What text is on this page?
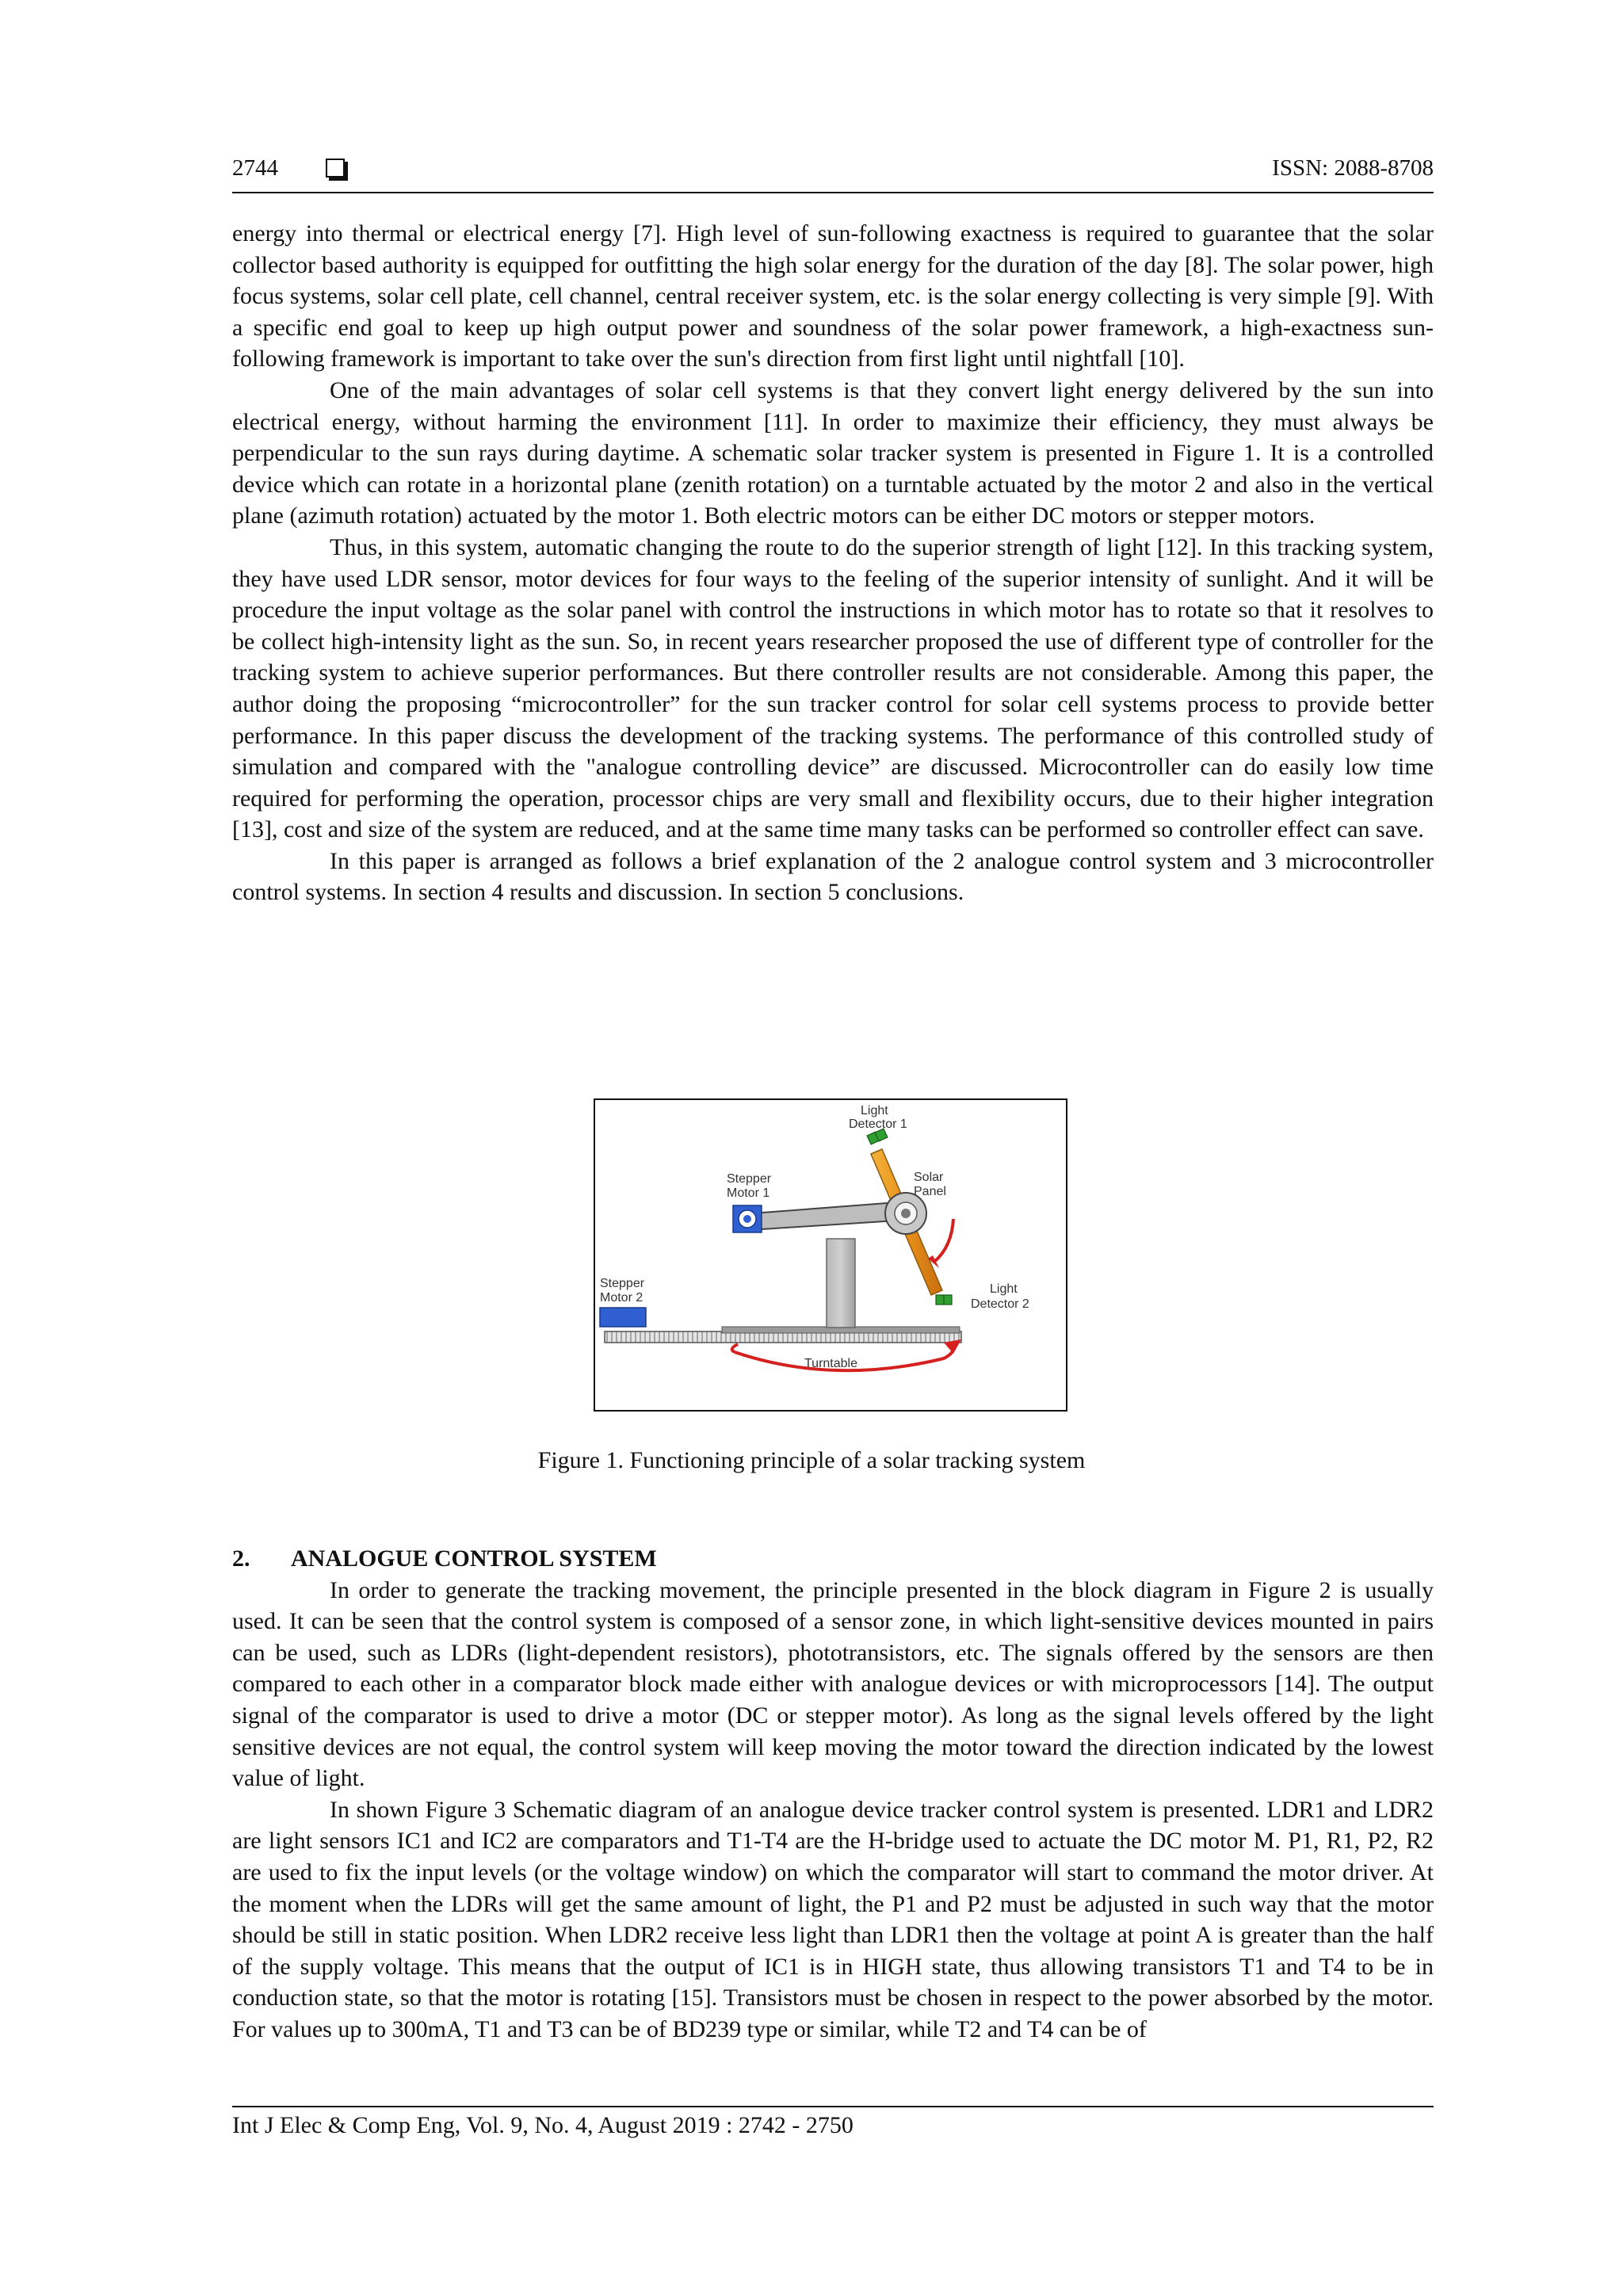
2744	ISSN: 2088-8708

energy into thermal or electrical energy [7]. High level of sun-following exactness is required to guarantee that the solar collector based authority is equipped for outfitting the high solar energy for the duration of the day [8]. The solar power, high focus systems, solar cell plate, cell channel, central receiver system, etc. is the solar energy collecting is very simple [9]. With a specific end goal to keep up high output power and soundness of the solar power framework, a high-exactness sun-following framework is important to take over the sun's direction from first light until nightfall [10].

One of the main advantages of solar cell systems is that they convert light energy delivered by the sun into electrical energy, without harming the environment [11]. In order to maximize their efficiency, they must always be perpendicular to the sun rays during daytime. A schematic solar tracker system is presented in Figure 1. It is a controlled device which can rotate in a horizontal plane (zenith rotation) on a turntable actuated by the motor 2 and also in the vertical plane (azimuth rotation) actuated by the motor 1. Both electric motors can be either DC motors or stepper motors.

Thus, in this system, automatic changing the route to do the superior strength of light [12]. In this tracking system, they have used LDR sensor, motor devices for four ways to the feeling of the superior intensity of sunlight. And it will be procedure the input voltage as the solar panel with control the instructions in which motor has to rotate so that it resolves to be collect high-intensity light as the sun. So, in recent years researcher proposed the use of different type of controller for the tracking system to achieve superior performances. But there controller results are not considerable. Among this paper, the author doing the proposing “microcontroller” for the sun tracker control for solar cell systems process to provide better performance. In this paper discuss the development of the tracking systems. The performance of this controlled study of simulation and compared with the "analogue controlling device” are discussed. Microcontroller can do easily low time required for performing the operation, processor chips are very small and flexibility occurs, due to their higher integration [13], cost and size of the system are reduced, and at the same time many tasks can be performed so controller effect can save.

In this paper is arranged as follows a brief explanation of the 2 analogue control system and 3 microcontroller control systems. In section 4 results and discussion. In section 5 conclusions.

Light
Detector 1
Stepper
Motor 1
Solar
Panel
Stepper
Motor 2
Light
Detector 2
Turntable
Figure 1. Functioning principle of a solar tracking system
2. ANALOGUE CONTROL SYSTEM

In order to generate the tracking movement, the principle presented in the block diagram in Figure 2 is usually used. It can be seen that the control system is composed of a sensor zone, in which light-sensitive devices mounted in pairs can be used, such as LDRs (light-dependent resistors), phototransistors, etc. The signals offered by the sensors are then compared to each other in a comparator block made either with analogue devices or with microprocessors [14]. The output signal of the comparator is used to drive a motor (DC or stepper motor). As long as the signal levels offered by the light sensitive devices are not equal, the control system will keep moving the motor toward the direction indicated by the lowest value of light.

In shown Figure 3 Schematic diagram of an analogue device tracker control system is presented. LDR1 and LDR2 are light sensors IC1 and IC2 are comparators and T1-T4 are the H-bridge used to actuate the DC motor M. P1, R1, P2, R2 are used to fix the input levels (or the voltage window) on which the comparator will start to command the motor driver. At the moment when the LDRs will get the same amount of light, the P1 and P2 must be adjusted in such way that the motor should be still in static position. When LDR2 receive less light than LDR1 then the voltage at point A is greater than the half of the supply voltage. This means that the output of IC1 is in HIGH state, thus allowing transistors T1 and T4 to be in conduction state, so that the motor is rotating [15]. Transistors must be chosen in respect to the power absorbed by the motor. For values up to 300mA, T1 and T3 can be of BD239 type or similar, while T2 and T4 can be of

Int J Elec & Comp Eng, Vol. 9, No. 4, August 2019 : 2742 - 2750
